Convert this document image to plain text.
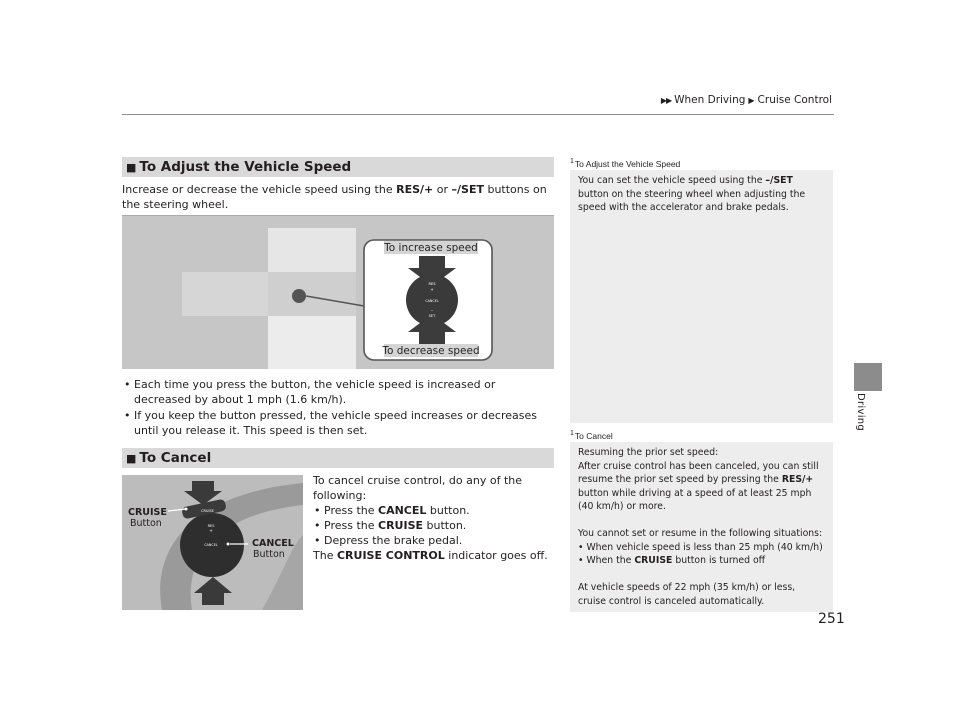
▶▶ When Driving ▶ Cruise Control
Driving
■ To Adjust the Vehicle Speed
Increase or decrease the vehicle speed using the RES/+ or –/SET buttons on the steering wheel.
RES
+
CANCEL
–
SET
To increase speed
To decrease speed
• Each time you press the button, the vehicle speed is increased or decreased by about 1 mph (1.6 km/h).
• If you keep the button pressed, the vehicle speed increases or decreases until you release it. This speed is then set.
■ To Cancel
CRUISE
RES
+
CANCEL
CRUISE
Button
CANCEL
Button
To cancel cruise control, do any of the following:
• Press the CANCEL button.
• Press the CRUISE button.
• Depress the brake pedal.
The CRUISE CONTROL indicator goes off.
$^1$To Adjust the Vehicle Speed
You can set the vehicle speed using the –/SET button on the steering wheel when adjusting the speed with the accelerator and brake pedals.
$^1$To Cancel

Resuming the prior set speed:

After cruise control has been canceled, you can still resume the prior set speed by pressing the RES/+ button while driving at a speed of at least 25 mph (40 km/h) or more.

You cannot set or resume in the following situations:

• When vehicle speed is less than 25 mph (40 km/h)

• When the CRUISE button is turned off

At vehicle speeds of 22 mph (35 km/h) or less, cruise control is canceled automatically.

251
